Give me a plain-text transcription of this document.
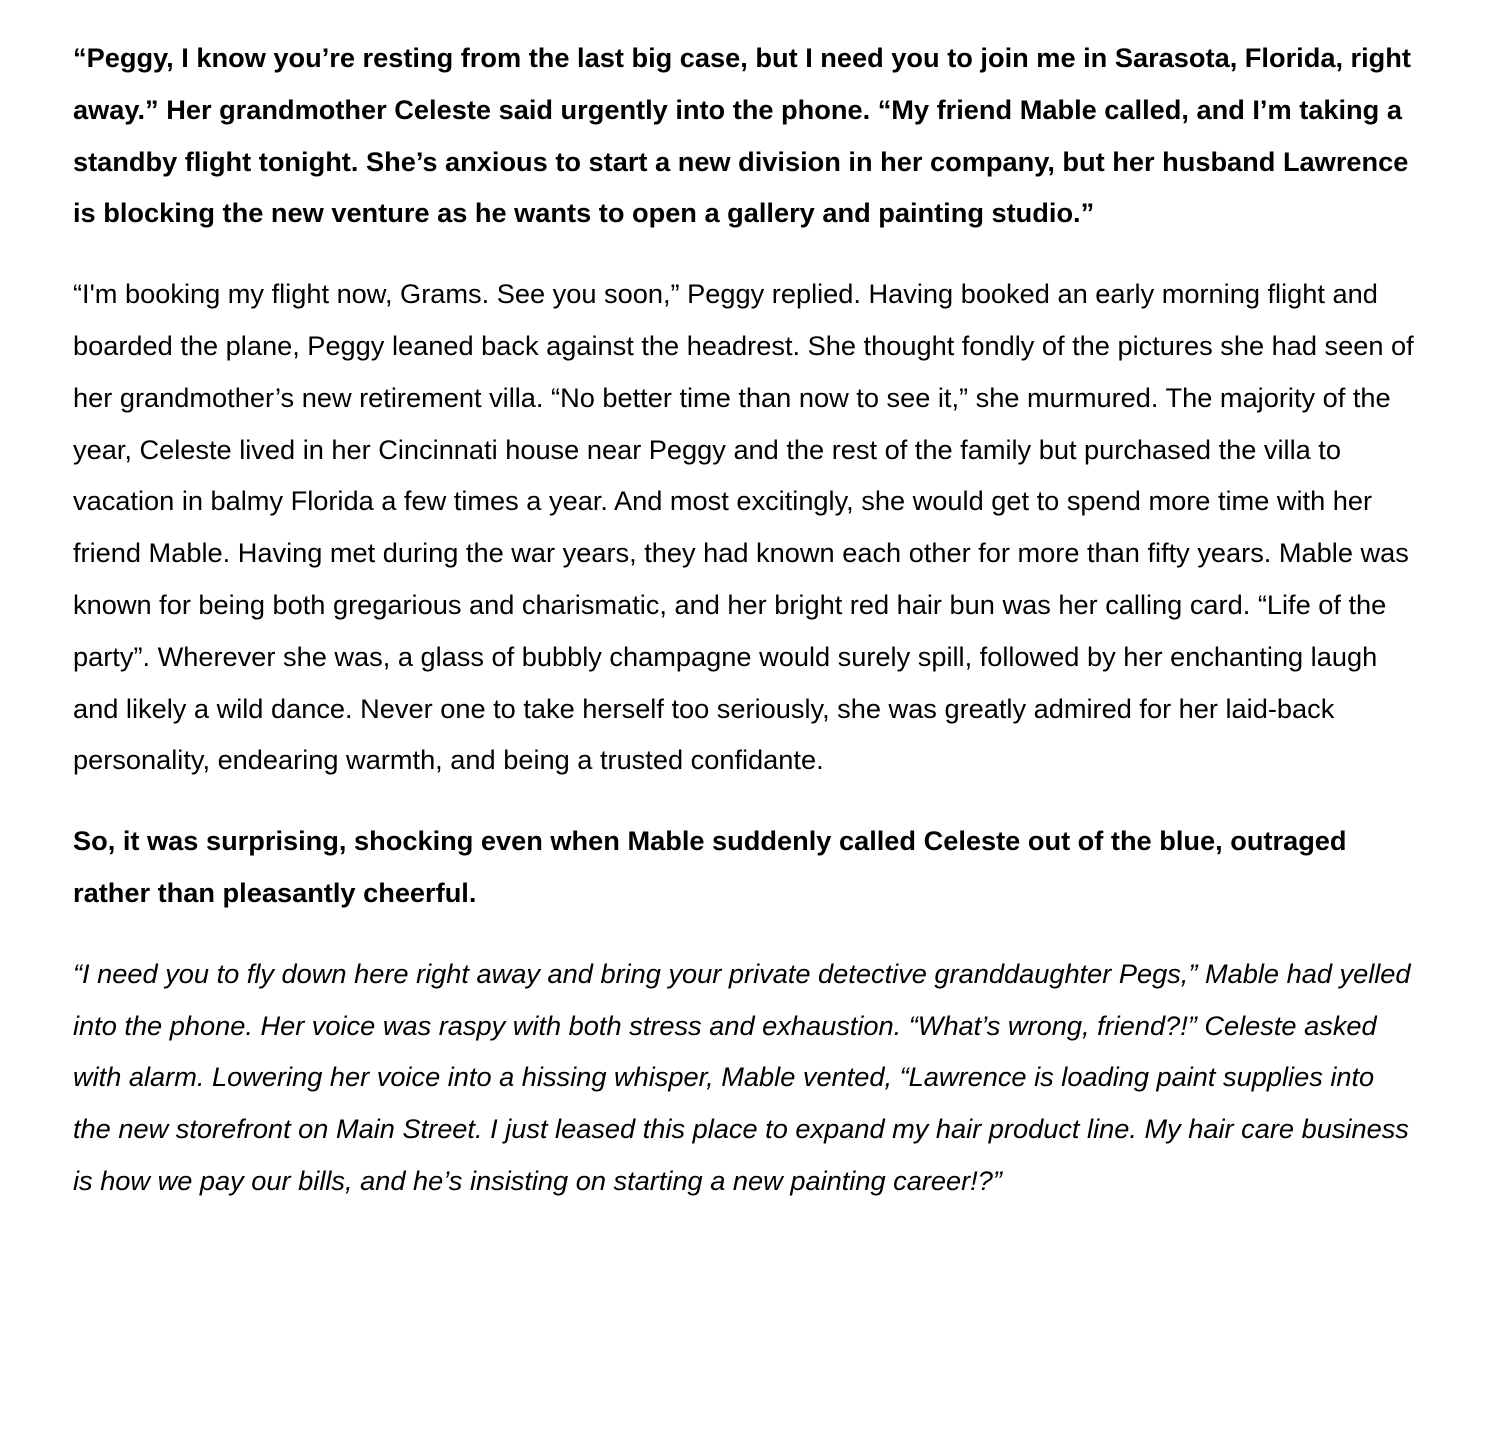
“Peggy, I know you’re resting from the last big case, but I need you to join me in Sarasota, Florida, right away.” Her grandmother Celeste said urgently into the phone. “My friend Mable called, and I’m taking a standby flight tonight. She’s anxious to start a new division in her company, but her husband Lawrence is blocking the new venture as he wants to open a gallery and painting studio.”

“I'm booking my flight now, Grams. See you soon,” Peggy replied. Having booked an early morning flight and boarded the plane, Peggy leaned back against the headrest. She thought fondly of the pictures she had seen of her grandmother’s new retirement villa. “No better time than now to see it,” she murmured. The majority of the year, Celeste lived in her Cincinnati house near Peggy and the rest of the family but purchased the villa to vacation in balmy Florida a few times a year. And most excitingly, she would get to spend more time with her friend Mable. Having met during the war years, they had known each other for more than fifty years. Mable was known for being both gregarious and charismatic, and her bright red hair bun was her calling card. “Life of the party”. Wherever she was, a glass of bubbly champagne would surely spill, followed by her enchanting laugh and likely a wild dance. Never one to take herself too seriously, she was greatly admired for her laid-back personality, endearing warmth, and being a trusted confidante.

So, it was surprising, shocking even when Mable suddenly called Celeste out of the blue, outraged rather than pleasantly cheerful.

“I need you to fly down here right away and bring your private detective granddaughter Pegs,” Mable had yelled into the phone. Her voice was raspy with both stress and exhaustion. “What’s wrong, friend?!” Celeste asked with alarm. Lowering her voice into a hissing whisper, Mable vented, “Lawrence is loading paint supplies into the new storefront on Main Street. I just leased this place to expand my hair product line. My hair care business is how we pay our bills, and he’s insisting on starting a new painting career!?”
